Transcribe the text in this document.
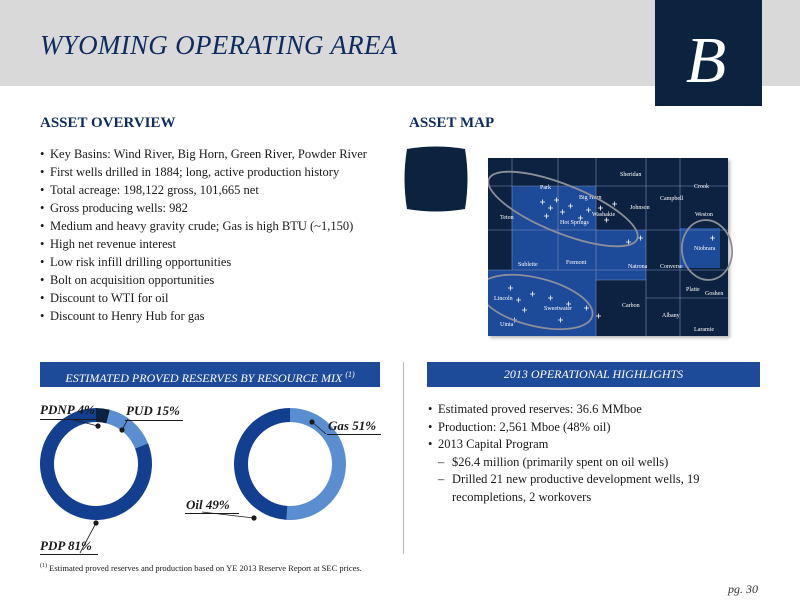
WYOMING OPERATING AREA	B
ASSET OVERVIEW
• Key Basins: Wind River, Big Horn, Green River, Powder River
• First wells drilled in 1884; long, active production history
• Total acreage: 198,122 gross, 101,665 net
• Gross producing wells: 982
• Medium and heavy gravity crude; Gas is high BTU (~1,150)
• High net revenue interest
• Low risk infill drilling opportunities
• Bolt on acquisition opportunities
• Discount to WTI for oil
• Discount to Henry Hub for gas
ASSET MAP
Sheridan
Park
Big Horn
Crook
Campbell
Johnson
Washakie
Hot Springs
Teton	Weston
Niobrara
Sublette	Fremont
Natrona Converse
Lincoln
Sweetwater	Carbon
Albany
Platte
Goshen
Laramie
Uinta
ESTIMATED PROVED RESERVES BY RESOURCE MIX $^{(1)}$
PDNP 4% PUD 15%
PDP 81%
Gas 51%
Oil 49%
2013 OPERATIONAL HIGHLIGHTS
• Estimated proved reserves: 36.6 MMboe
• Production: 2,561 Mboe (48% oil)
• 2013 Capital Program
– $26.4 million (primarily spent on oil wells)
– Drilled 21 new productive development wells, 19 recompletions, 2 workovers
$^{(1)}$ Estimated proved reserves and production based on YE 2013 Reserve Report at SEC prices.
pg. 30
